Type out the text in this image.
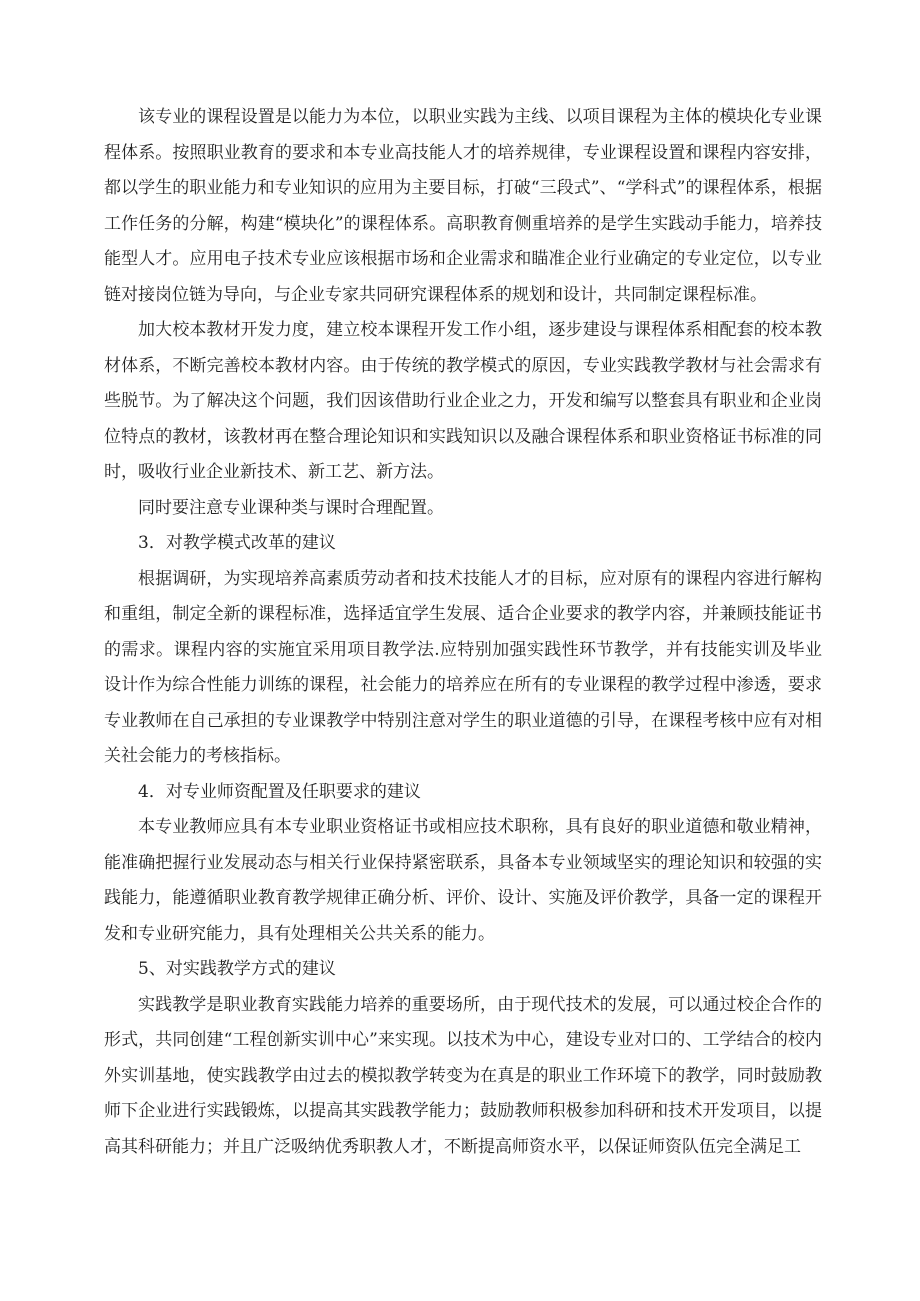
该专业的课程设置是以能力为本位，以职业实践为主线、以项目课程为主体的模块化专业课程体系。按照职业教育的要求和本专业高技能人才的培养规律，专业课程设置和课程内容安排，都以学生的职业能力和专业知识的应用为主要目标，打破“三段式”、“学科式”的课程体系，根据工作任务的分解，构建“模块化”的课程体系。高职教育侧重培养的是学生实践动手能力，培养技能型人才。应用电子技术专业应该根据市场和企业需求和瞄准企业行业确定的专业定位，以专业链对接岗位链为导向，与企业专家共同研究课程体系的规划和设计，共同制定课程标准。

加大校本教材开发力度，建立校本课程开发工作小组，逐步建设与课程体系相配套的校本教材体系，不断完善校本教材内容。由于传统的教学模式的原因，专业实践教学教材与社会需求有些脱节。为了解决这个问题，我们因该借助行业企业之力，开发和编写以整套具有职业和企业岗位特点的教材，该教材再在整合理论知识和实践知识以及融合课程体系和职业资格证书标准的同时，吸收行业企业新技术、新工艺、新方法。

同时要注意专业课种类与课时合理配置。

3．对教学模式改革的建议

根据调研，为实现培养高素质劳动者和技术技能人才的目标，应对原有的课程内容进行解构和重组，制定全新的课程标准，选择适宜学生发展、适合企业要求的教学内容，并兼顾技能证书的需求。课程内容的实施宜采用项目教学法.应特别加强实践性环节教学，并有技能实训及毕业设计作为综合性能力训练的课程，社会能力的培养应在所有的专业课程的教学过程中渗透，要求专业教师在自己承担的专业课教学中特别注意对学生的职业道德的引导，在课程考核中应有对相关社会能力的考核指标。

4．对专业师资配置及任职要求的建议

本专业教师应具有本专业职业资格证书或相应技术职称，具有良好的职业道德和敬业精神，能准确把握行业发展动态与相关行业保持紧密联系，具备本专业领域坚实的理论知识和较强的实践能力，能遵循职业教育教学规律正确分析、评价、设计、实施及评价教学，具备一定的课程开发和专业研究能力，具有处理相关公共关系的能力。

5、对实践教学方式的建议

实践教学是职业教育实践能力培养的重要场所，由于现代技术的发展，可以通过校企合作的形式，共同创建“工程创新实训中心”来实现。以技术为中心，建设专业对口的、工学结合的校内外实训基地，使实践教学由过去的模拟教学转变为在真是的职业工作环境下的教学，同时鼓励教师下企业进行实践锻炼，以提高其实践教学能力；鼓励教师积极参加科研和技术开发项目，以提高其科研能力；并且广泛吸纳优秀职教人才，不断提高师资水平，以保证师资队伍完全满足工
